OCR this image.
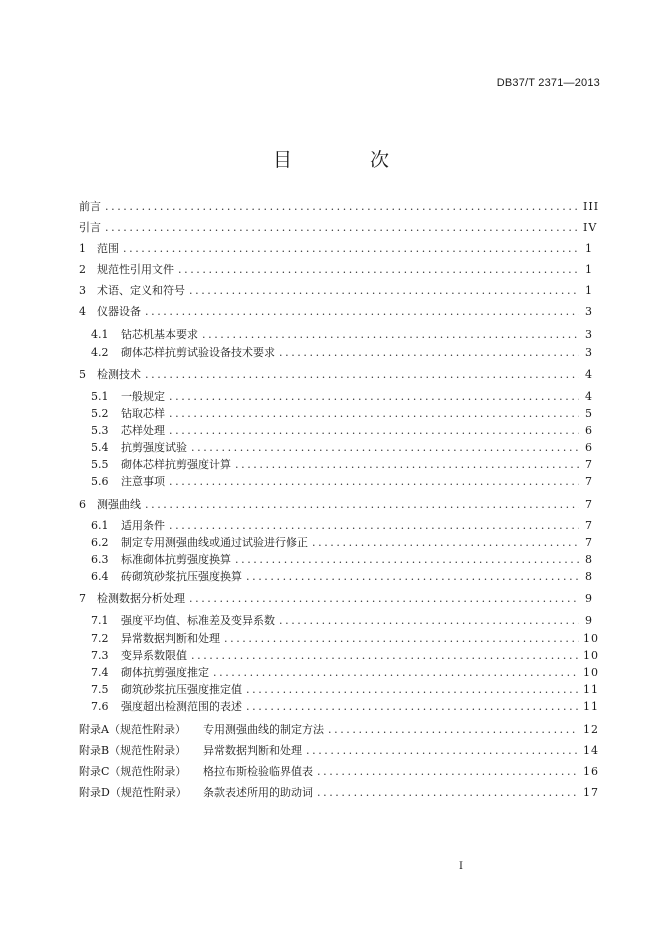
DB37/T 2371—2013
目 次
前言 .....	III
引言 .....	IV
1	范围 .....	1
2	规范性引用文件 .....	1
3	术语、定义和符号 .....	1
4	仪器设备 .....	3
4.1	钻芯机基本要求 .....	3
4.2	砌体芯样抗剪试验设备技术要求 .....	3
5	检测技术 .....	4
5.1	一般规定 .....	4
5.2	钻取芯样 .....	5
5.3	芯样处理 .....	6
5.4	抗剪强度试验 .....	6
5.5	砌体芯样抗剪强度计算 .....	7
5.6	注意事项 .....	7
6	测强曲线 .....	7
6.1	适用条件 .....	7
6.2	制定专用测强曲线或通过试验进行修正 .....	7
6.3	标准砌体抗剪强度换算 .....	8
6.4	砖砌筑砂浆抗压强度换算 .....	8
7	检测数据分析处理 .....	9
7.1	强度平均值、标准差及变异系数 .....	9
7.2	异常数据判断和处理 .....	10
7.3	变异系数限值 .....	10
7.4	砌体抗剪强度推定 .....	10
7.5	砌筑砂浆抗压强度推定值 .....	11
7.6	强度超出检测范围的表述 .....	11
附录A（规范性附录）	专用测强曲线的制定方法 .....	12
附录B（规范性附录）	异常数据判断和处理 .....	14
附录C（规范性附录）	格拉布斯检验临界值表 .....	16
附录D（规范性附录）	条款表述所用的助动词 .....	17
I
